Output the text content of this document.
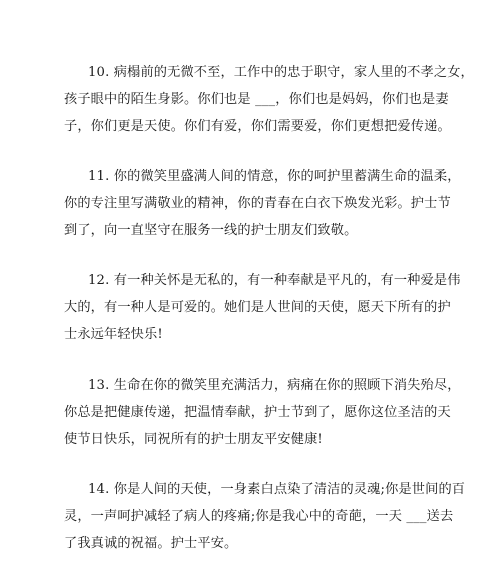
10. 病榻前的无微不至，工作中的忠于职守，家人里的不孝之女，
孩子眼中的陌生身影。你们也是 ___，你们也是妈妈，你们也是妻
子，你们更是天使。你们有爱，你们需要爱，你们更想把爱传递。
11. 你的微笑里盛满人间的情意，你的呵护里蓄满生命的温柔，
你的专注里写满敬业的精神，你的青春在白衣下焕发光彩。护士节
到了，向一直坚守在服务一线的护士朋友们致敬。
12. 有一种关怀是无私的，有一种奉献是平凡的，有一种爱是伟
大的，有一种人是可爱的。她们是人世间的天使，愿天下所有的护
士永远年轻快乐!
13. 生命在你的微笑里充满活力，病痛在你的照顾下消失殆尽，
你总是把健康传递，把温情奉献，护士节到了，愿你这位圣洁的天
使节日快乐，同祝所有的护士朋友平安健康!
14. 你是人间的天使，一身素白点染了清洁的灵魂;你是世间的百
灵，一声呵护减轻了病人的疼痛;你是我心中的奇葩，一天 ___送去
了我真诚的祝福。护士平安。
